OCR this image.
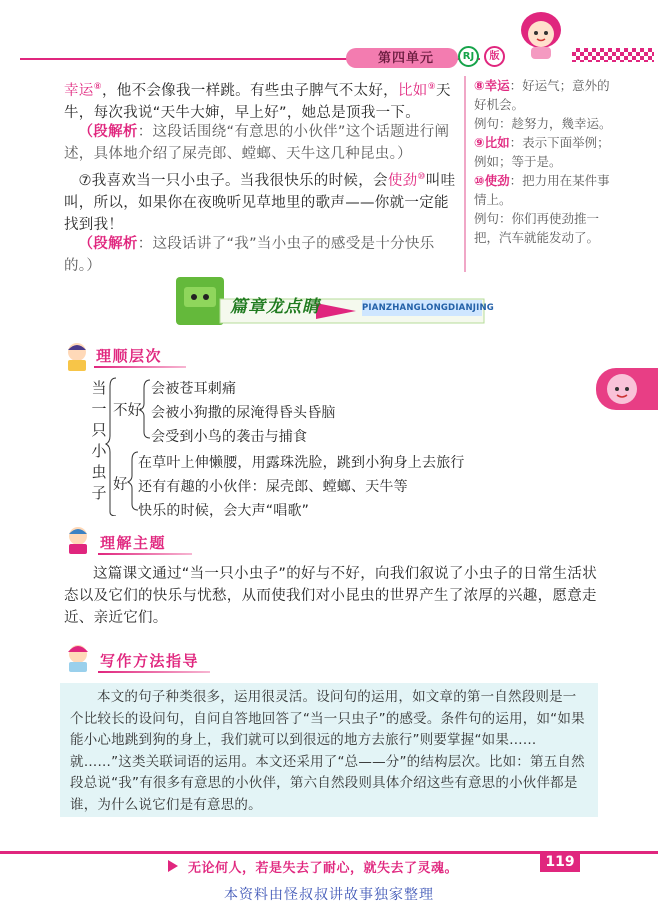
第四单元	RJ	版

幸运⑧，他不会像我一样跳。有些虫子脾气不太好，比如⑨天牛，每次我说“天牛大婶，早上好”，她总是顶我一下。

（段解析：这段话围绕“有意思的小伙伴”这个话题进行阐述，具体地介绍了屎壳郎、螳螂、天牛这几种昆虫。）

⑦我喜欢当一只小虫子。当我很快乐的时候，会使劲⑩叫哇叫，所以，如果你在夜晚听见草地里的歌声——你就一定能找到我！

（段解析：这段话讲了“我”当小虫子的感受是十分快乐的。）

⑧幸运：好运气；意外的好机会。
例句：趁努力，幾幸运。
⑨比如：表示下面举例；例如；等于是。
⑩使劲：把力用在某件事情上。
例句：你们再使劲推一把，汽车就能发动了。
篇章龙点睛	PIANZHANGLONGDIANJING
理顺层次
当
一
只
小
虫
子
不好
会被苍耳刺痛
会被小狗撒的尿淹得昏头昏脑
会受到小鸟的袭击与捕食
好
在草叶上伸懒腰，用露珠洗脸，跳到小狗身上去旅行
还有有趣的小伙伴：屎壳郎、螳螂、天牛等
快乐的时候，会大声“唱歌”
理解主题
这篇课文通过“当一只小虫子”的好与不好，向我们叙说了小虫子的日常生活状态以及它们的快乐与忧愁，从而使我们对小昆虫的世界产生了浓厚的兴趣，愿意走近、亲近它们。
写作方法指导
本文的句子种类很多，运用很灵活。设问句的运用，如文章的第一自然段则是一个比较长的设问句，自问自答地回答了“当一只虫子”的感受。条件句的运用，如“如果能小心地跳到狗的身上，我们就可以到很远的地方去旅行”则要掌握“如果……就……”这类关联词语的运用。本文还采用了“总——分”的结构层次。比如：第五自然段总说“我”有很多有意思的小伙伴，第六自然段则具体介绍这些有意思的小伙伴都是谁，为什么说它们是有意思的。
无论何人，若是失去了耐心，就失去了灵魂。	119
本资料由怪叔叔讲故事独家整理
